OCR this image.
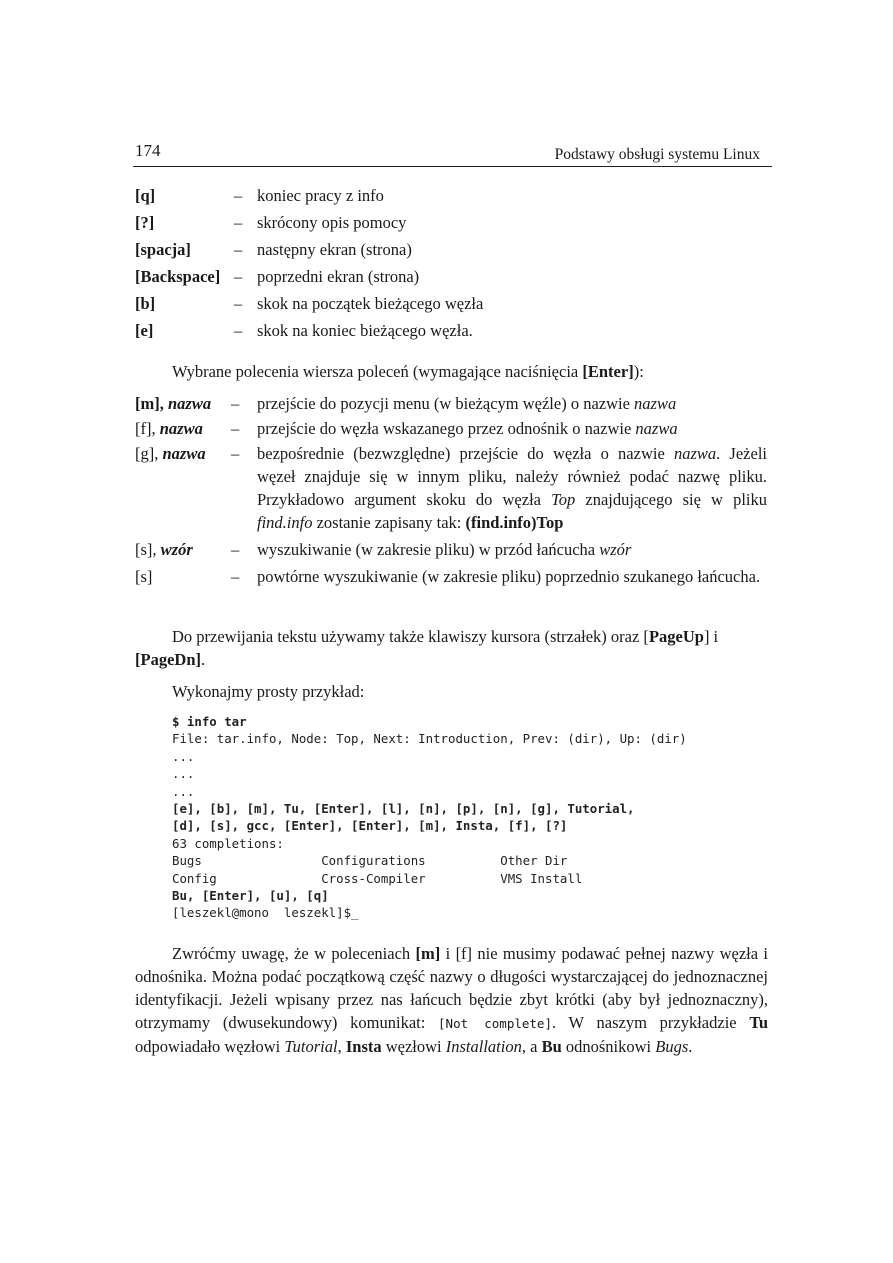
174	Podstawy obsługi systemu Linux
[q]	– koniec pracy z info
[?]	– skrócony opis pomocy
[spacja]	– następny ekran (strona)
[Backspace] – poprzedni ekran (strona)
[b]	– skok na początek bieżącego węzła
[e]	– skok na koniec bieżącego węzła.
Wybrane polecenia wiersza poleceń (wymagające naciśnięcia [Enter]):
[m], nazwa – przejście do pozycji menu (w bieżącym węźle) o nazwie nazwa
[f], nazwa – przejście do węzła wskazanego przez odnośnik o nazwie nazwa
[g], nazwa – bezpośrednie (bezwzględne) przejście do węzła o nazwie nazwa. Jeżeli węzeł znajduje się w innym pliku, należy również podać nazwę pliku. Przykładowo argument skoku do węzła Top znajdującego się w pliku find.info zostanie zapisany tak: (find.info)Top
[s], wzór – wyszukiwanie (w zakresie pliku) w przód łańcucha wzór
[s]	– powtórne wyszukiwanie (w zakresie pliku) poprzednio szukanego łańcucha.
Do przewijania tekstu używamy także klawiszy kursora (strzałek) oraz [PageUp] i [PageDn].
Wykonajmy prosty przykład:
$ info tar
File: tar.info, Node: Top, Next: Introduction, Prev: (dir), Up: (dir)
...
...
...
[e], [b], [m], Tu, [Enter], [l], [n], [p], [n], [g], Tutorial,
[d], [s], gcc, [Enter], [Enter], [m], Insta, [f], [?]
63 completions:
Bugs                Configurations          Other Dir
Config              Cross-Compiler          VMS Install
Bu, [Enter], [u], [q]
[leszekl@mono  leszekl]$_
Zwróćmy uwagę, że w poleceniach [m] i [f] nie musimy podawać pełnej nazwy węzła i odnośnika. Można podać początkową część nazwy o długości wystarczającej do jednoznacznej identyfikacji. Jeżeli wpisany przez nas łańcuch będzie zbyt krótki (aby był jednoznaczny), otrzymamy (dwusekundowy) komunikat: [Not complete]. W naszym przykładzie Tu odpowiadało węzłowi Tutorial, Insta węzłowi Installation, a Bu odnośnikowi Bugs.
